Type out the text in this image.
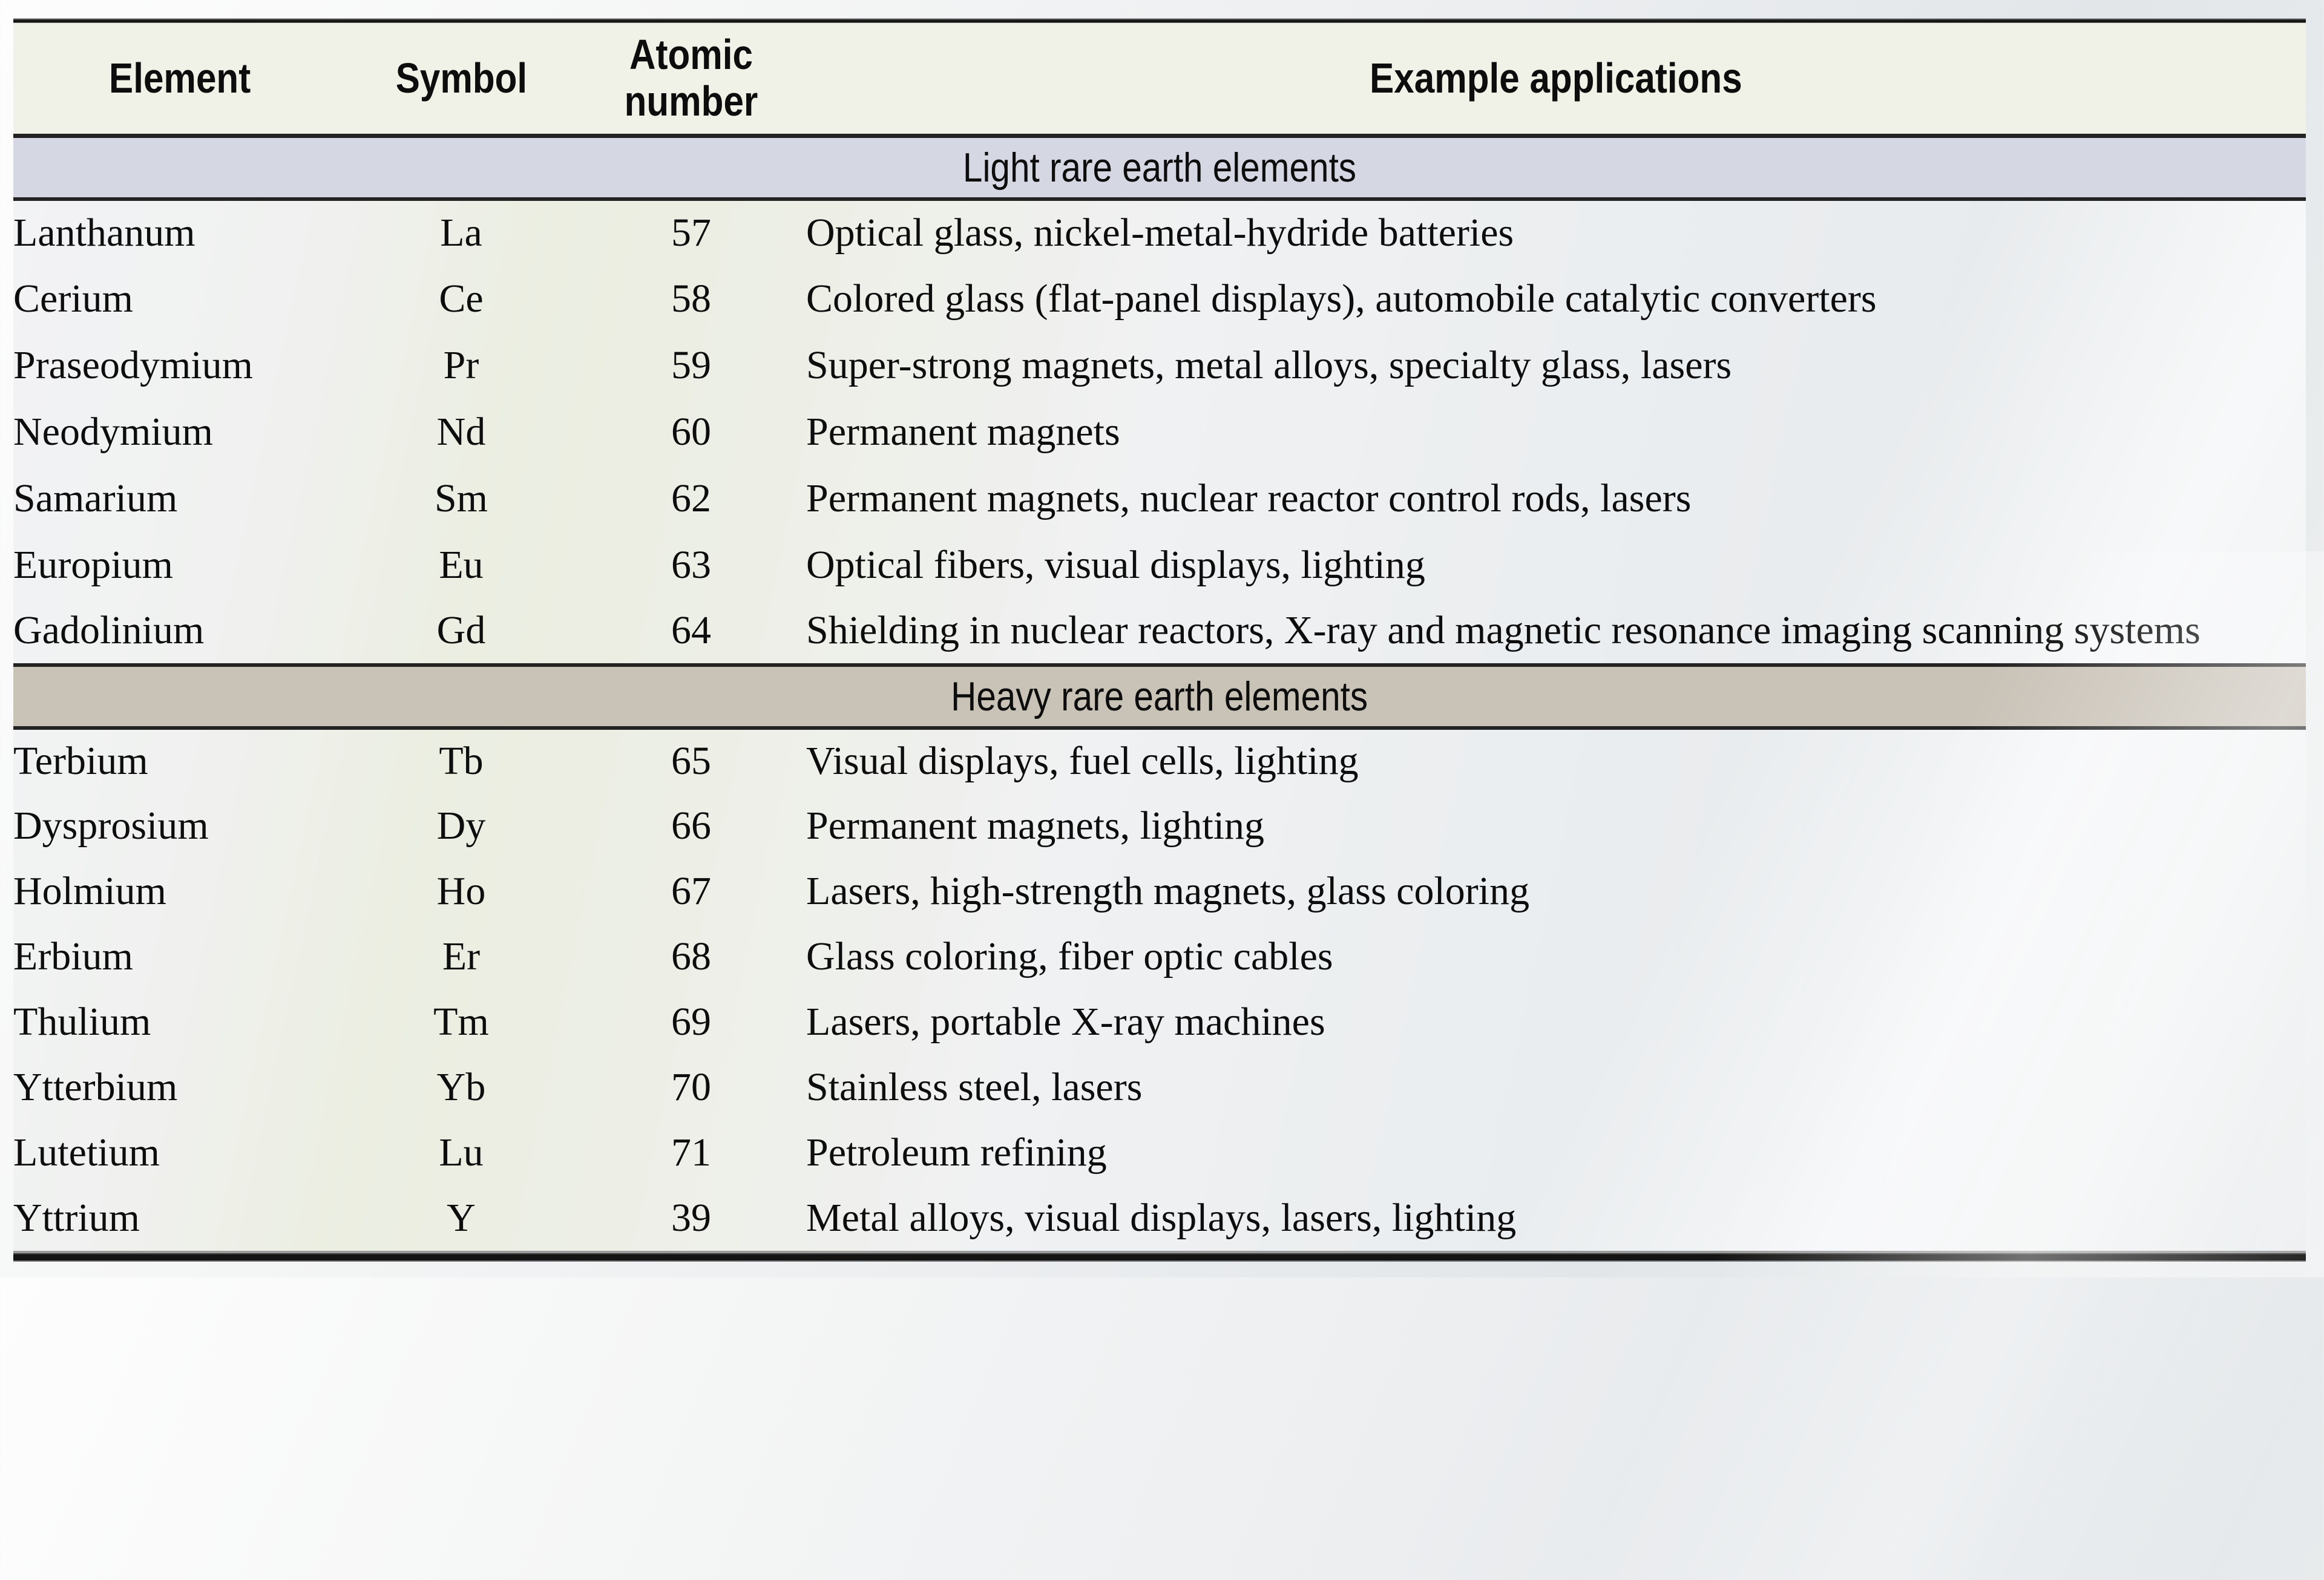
Element	Symbol	Atomic number	Example applications
Light rare earth elements			
Lanthanum	La	57	Optical glass, nickel-metal-hydride batteries
Cerium	Ce	58	Colored glass (flat-panel displays), automobile catalytic converters
Praseodymium	Pr	59	Super-strong magnets, metal alloys, specialty glass, lasers
Neodymium	Nd	60	Permanent magnets
Samarium	Sm	62	Permanent magnets, nuclear reactor control rods, lasers
Europium	Eu	63	Optical fibers, visual displays, lighting
Gadolinium	Gd	64	Shielding in nuclear reactors, X-ray and magnetic resonance imaging scanning systems
Heavy rare earth elements			
Terbium	Tb	65	Visual displays, fuel cells, lighting
Dysprosium	Dy	66	Permanent magnets, lighting
Holmium	Ho	67	Lasers, high-strength magnets, glass coloring
Erbium	Er	68	Glass coloring, fiber optic cables
Thulium	Tm	69	Lasers, portable X-ray machines
Ytterbium	Yb	70	Stainless steel, lasers
Lutetium	Lu	71	Petroleum refining
Yttrium	Y	39	Metal alloys, visual displays, lasers, lighting
